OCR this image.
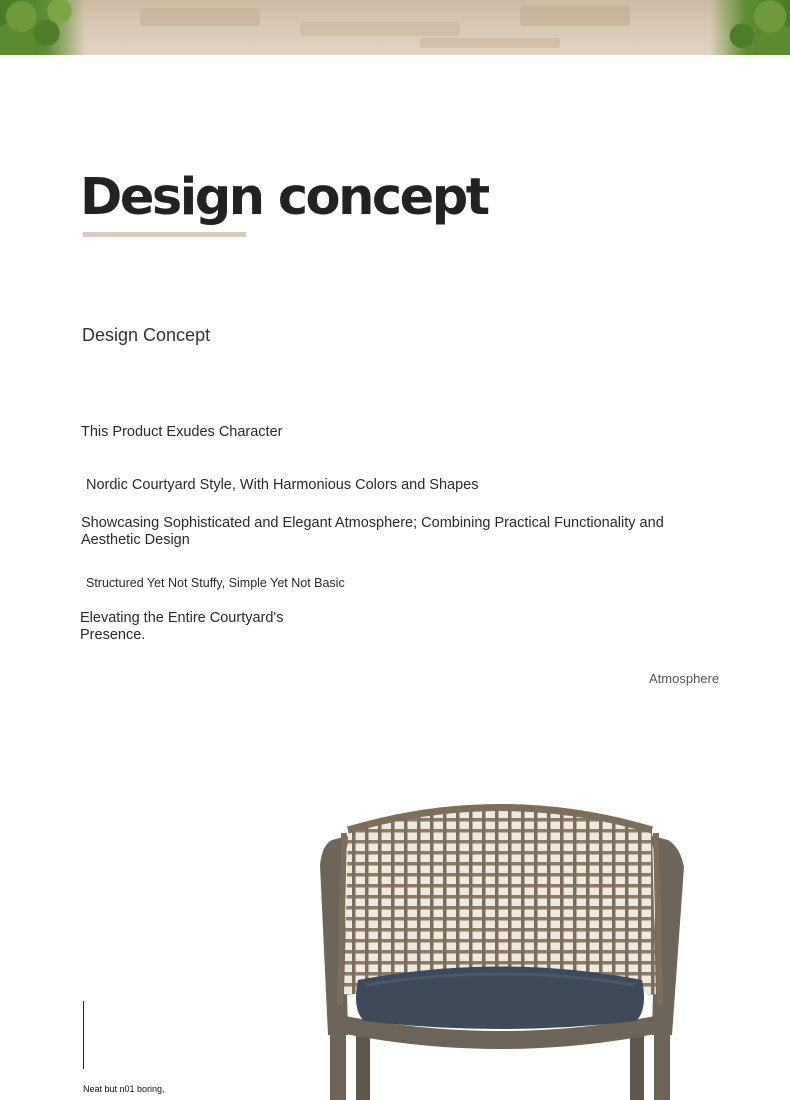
Design concept

Design Concept

This Product Exudes Character

Nordic Courtyard Style, With Harmonious Colors and Shapes

Showcasing Sophisticated and Elegant Atmosphere; Combining Practical Functionality and Aesthetic Design

Structured Yet Not Stuffy, Simple Yet Not Basic

Elevating the Entire Courtyard's Presence.

Atmosphere

Neat but n01 boring,
